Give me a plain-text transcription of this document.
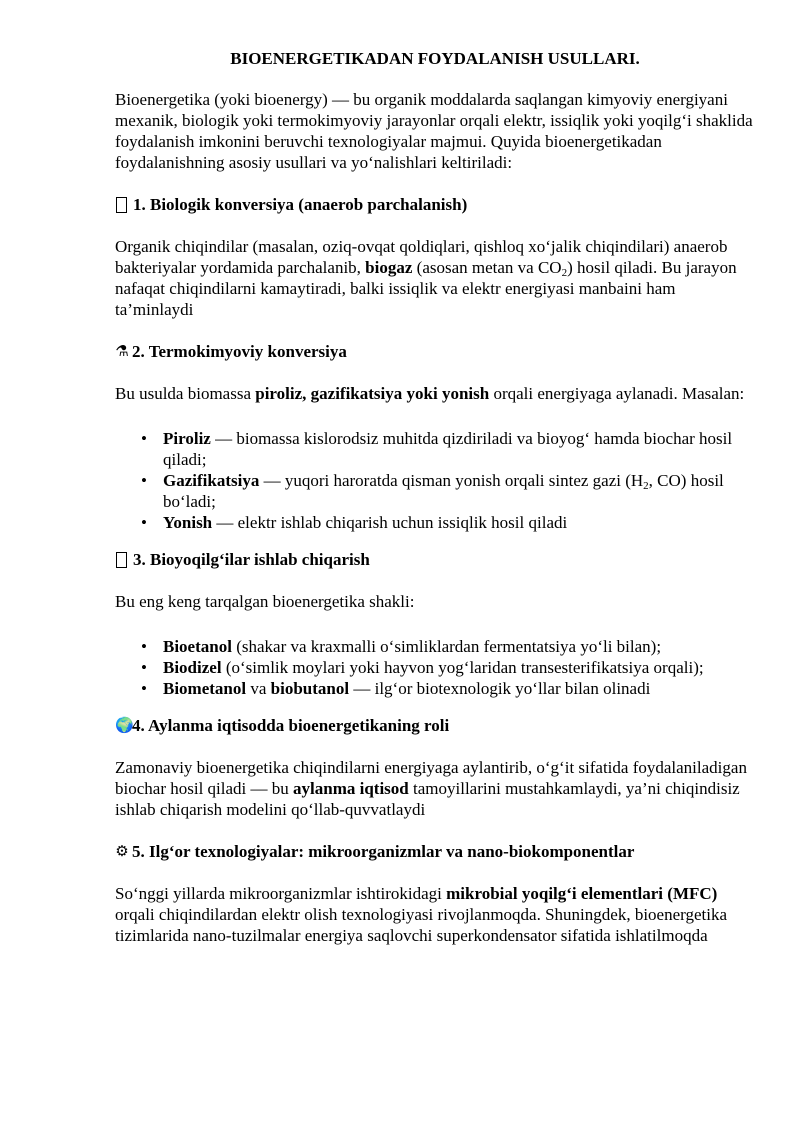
BIOENERGETIKADAN FOYDALANISH USULLARI.

Bioenergetika (yoki bioenergy) — bu organik moddalarda saqlangan kimyoviy energiyani mexanik, biologik yoki termokimyoviy jarayonlar orqali elektr, issiqlik yoki yoqilg‘i shaklida foydalanish imkonini beruvchi texnologiyalar majmui. Quyida bioenergetikadan foydalanishning asosiy usullari va yo‘nalishlari keltiriladi:

1. Biologik konversiya (anaerob parchalanish)

Organik chiqindilar (masalan, oziq-ovqat qoldiqlari, qishloq xo‘jalik chiqindilari) anaerob bakteriyalar yordamida parchalanib, biogaz (asosan metan va $CO_2$) hosil qiladi. Bu jarayon nafaqat chiqindilarni kamaytiradi, balki issiqlik va elektr energiyasi manbaini ham ta’minlaydi

⚗ 2. Termokimyoviy konversiya

Bu usulda biomassa piroliz, gazifikatsiya yoki yonish orqali energiyaga aylanadi. Masalan:

• Piroliz — biomassa kislorodsiz muhitda qizdiriladi va bioyog‘ hamda biochar hosil qiladi;
• Gazifikatsiya — yuqori haroratda qisman yonish orqali sintez gazi ($H_2$, CO) hosil bo‘ladi;
• Yonish — elektr ishlab chiqarish uchun issiqlik hosil qiladi
3. Bioyoqilg‘ilar ishlab chiqarish

Bu eng keng tarqalgan bioenergetika shakli:

• Bioetanol (shakar va kraxmalli o‘simliklardan fermentatsiya yo‘li bilan);
• Biodizel (o‘simlik moylari yoki hayvon yog‘laridan transesterifikatsiya orqali);
• Biometanol va biobutanol — ilg‘or biotexnologik yo‘llar bilan olinadi
🌍
4. Aylanma iqtisodda bioenergetikaning roli

Zamonaviy bioenergetika chiqindilarni energiyaga aylantirib, o‘g‘it sifatida foydalaniladigan biochar hosil qiladi — bu aylanma iqtisod tamoyillarini mustahkamlaydi, ya’ni chiqindisiz ishlab chiqarish modelini qo‘llab-quvvatlaydi

⚙ 5. Ilg‘or texnologiyalar: mikroorganizmlar va nano-biokomponentlar

So‘nggi yillarda mikroorganizmlar ishtirokidagi mikrobial yoqilg‘i elementlari (MFC) orqali chiqindilardan elektr olish texnologiyasi rivojlanmoqda. Shuningdek, bioenergetika tizimlarida nano-tuzilmalar energiya saqlovchi superkondensator sifatida ishlatilmoqda
